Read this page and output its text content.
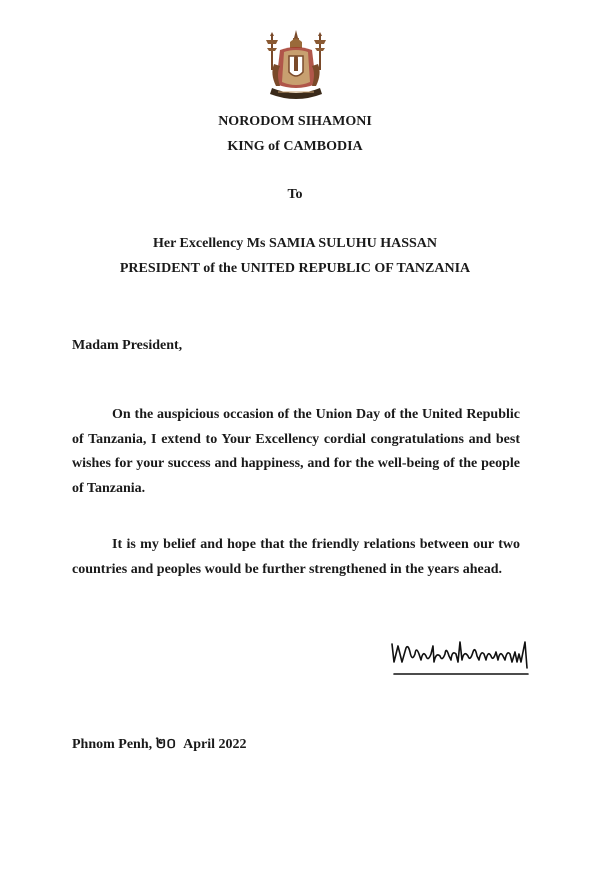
NORODOM SIHAMONI
KING of CAMBODIA
To
Her Excellency Ms SAMIA SULUHU HASSAN
PRESIDENT of the UNITED REPUBLIC OF TANZANIA
Madam President,
On the auspicious occasion of the Union Day of the United Republic of Tanzania, I extend to Your Excellency cordial congratulations and best wishes for your success and happiness, and for the well-being of the people of Tanzania.
It is my belief and hope that the friendly relations between our two countries and peoples would be further strengthened in the years ahead.
Phnom Penh, ២០  April 2022
